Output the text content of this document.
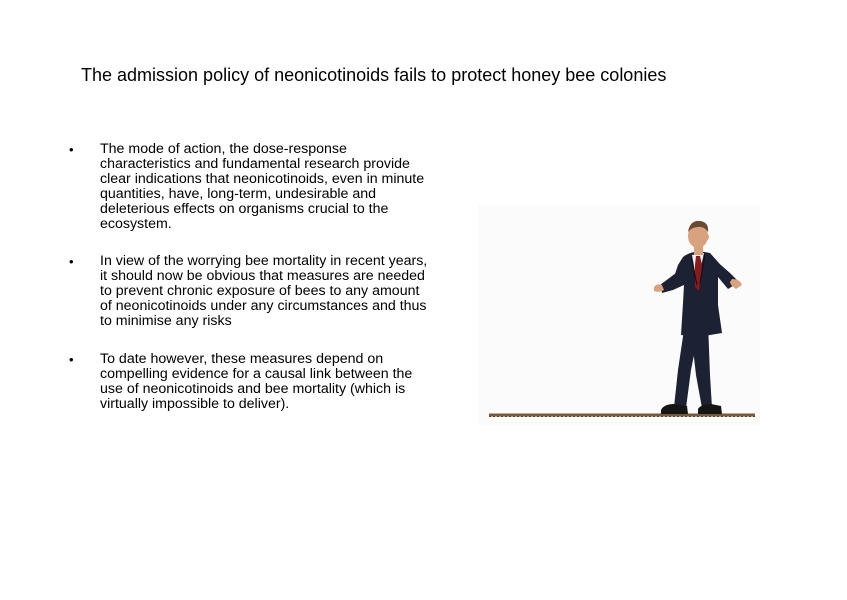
The admission policy of neonicotinoids fails to protect honey bee colonies
• The mode of action, the dose-response characteristics and fundamental research provide clear indications that neonicotinoids, even in minute quantities, have, long-term, undesirable and deleterious effects on organisms crucial to the ecosystem.
• In view of the worrying bee mortality in recent years, it should now be obvious that measures are needed to prevent chronic exposure of bees to any amount of neonicotinoids under any circumstances and thus to minimise any risks
• To date however, these measures depend on compelling evidence for a causal link between the use of neonicotinoids and bee mortality (which is virtually impossible to deliver).
